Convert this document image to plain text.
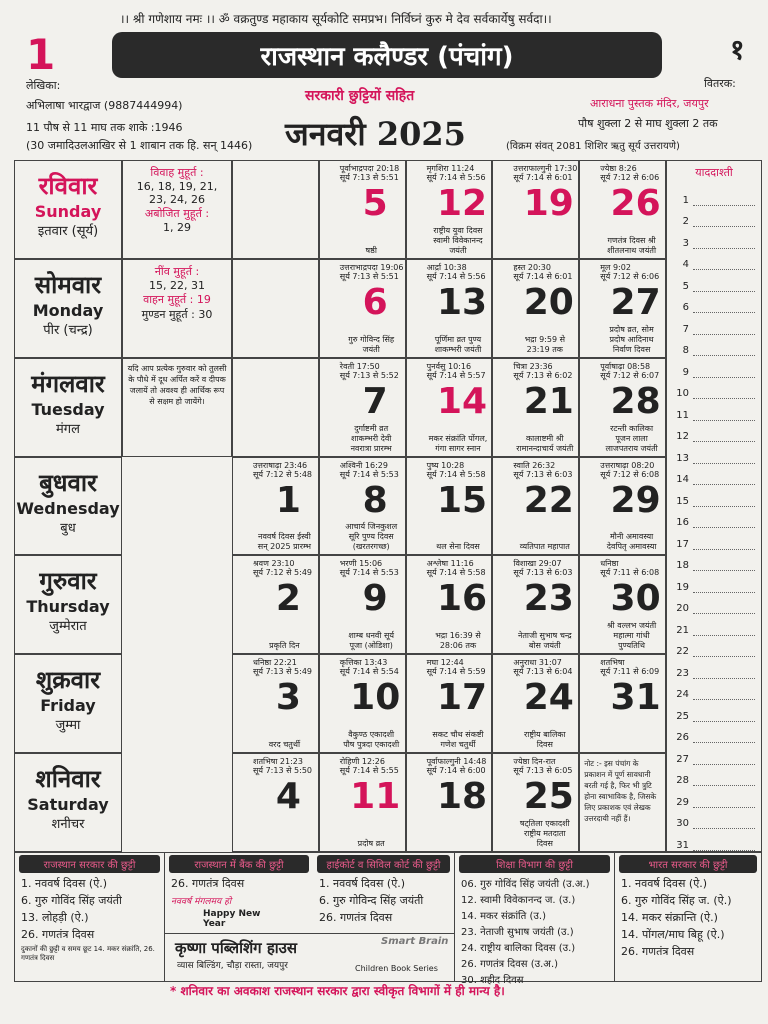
।। श्री गणेशाय नमः ।। ॐ वक्रतुण्ड महाकाय सूर्यकोटि समप्रभ। निर्विघ्नं कुरु मे देव सर्वकार्येषु सर्वदा।।
1	१
राजस्थान कलैण्डर (पंचांग)
लेखिका:
अभिलाषा भारद्वाज (9887444994)
11 पौष से 11 माघ तक शाके :1946
(30 जमादिउलआखिर से 1 शाबान तक हि. सन् 1446)
सरकारी छुट्टियों सहित
जनवरी 2025
वितरक:
आराधना पुस्तक मंदिर, जयपुर
पौष शुक्ला 2 से माघ शुक्ला 2 तक
(विक्रम संवत् 2081 शिशिर ऋतु सूर्य उत्तरायणे)
याददाश्ती
1
2
3
4
5
6
7
8
9
10
11
12
13
14
15
16
17
18
19
20
21
22
23
24
25
26
27
28
29
30
31
रविवार
Sunday
इतवार (सूर्य)
सोमवार
Monday
पीर (चन्द्र)
मंगलवार
Tuesday
मंगल
बुधवार
Wednesday
बुध
गुरुवार
Thursday
जुम्मेरात
शुक्रवार
Friday
जुम्मा
शनिवार
Saturday
शनीचर
विवाह मुहूर्त :
16, 18, 19, 21, 23, 24, 26
अबोजित मुहूर्त :
1, 29
नींव मुहूर्त :
15, 22, 31
वाहन मुहूर्त : 19
मुण्डन मुहूर्त : 30
यदि आप प्रत्येक गुरुवार को तुलसी के पौधे में दूध अर्पित करें व दीपक जलायें तो अवश्य ही आर्थिक रूप से सक्षम हो जायेंगे।
उत्तराषाढ़ा 23:46
सूर्य 7:12 से 5:48
1
नववर्ष दिवस ईस्वी सन् 2025 प्रारम्भ
श्रवण 23:10
सूर्य 7:12 से 5:49
2
प्रकृति दिन
धनिष्ठा 22:21
सूर्य 7:13 से 5:49
3
वरद चतुर्थी
शतभिषा 21:23
सूर्य 7:13 से 5:50
4
पूर्वाभाद्रपदा 20:18
सूर्य 7:13 से 5:51
5
षष्ठी
उत्तराभाद्रपदा 19:06
सूर्य 7:13 से 5:51
6
गुरु गोविन्द सिंह जयंती
रेवती 17:50
सूर्य 7:13 से 5:52
7
दुर्गाष्टमी व्रत शाकम्भरी देवी नवरात्रा प्रारम्भ
अश्विनी 16:29
सूर्य 7:14 से 5:53
8
आचार्य जिनकुशल सूरि पुण्य दिवस (खरतरगच्छ)
भरणी 15:06
सूर्य 7:14 से 5:53
9
शाम्ब धनवी सूर्य पूजा (ओडिशा)
कृत्तिका 13:43
सूर्य 7:14 से 5:54
10
वैकुण्ठ एकादशी पौष पुत्रदा एकादशी
रोहिणी 12:26
सूर्य 7:14 से 5:55
11
प्रदोष व्रत
मृगशिरा 11:24
सूर्य 7:14 से 5:56
12
राष्ट्रीय युवा दिवस स्वामी विवेकानन्द जयंती
आर्द्रा 10:38
सूर्य 7:14 से 5:56
13
पूर्णिमा व्रत पुण्य शाकम्भरी जयंती
पुनर्वसु 10:16
सूर्य 7:14 से 5:57
14
मकर संक्रांति पोंगल, गंगा सागर स्नान
पुष्य 10:28
सूर्य 7:14 से 5:58
15
थल सेना दिवस
अश्लेषा 11:16
सूर्य 7:14 से 5:58
16
भद्रा 16:39 से 28:06 तक
मघा 12:44
सूर्य 7:14 से 5:59
17
सकट चौथ संकष्टी गणेश चतुर्थी
पूर्वाफाल्गुनी 14:48
सूर्य 7:14 से 6:00
18
उत्तराफाल्गुनी 17:30
सूर्य 7:14 से 6:01
19
हस्त 20:30
सूर्य 7:14 से 6:01
20
भद्रा 9:59 से 23:19 तक
चित्रा 23:36
सूर्य 7:13 से 6:02
21
कालाष्टमी श्री रामानन्दाचार्य जयंती
स्वाति 26:32
सूर्य 7:13 से 6:03
22
व्यतिपात महापात
विशाखा 29:07
सूर्य 7:13 से 6:03
23
नेताजी सुभाष चन्द्र बोस जयंती
अनुराधा 31:07
सूर्य 7:13 से 6:04
24
राष्ट्रीय बालिका दिवस
ज्येष्ठा दिन-रात
सूर्य 7:13 से 6:05
25
षट्तिला एकादशी राष्ट्रीय मतदाता दिवस
ज्येष्ठा 8:26
सूर्य 7:12 से 6:06
26
गणतंत्र दिवस श्री शीतलनाथ जयंती
मूल 9:02
सूर्य 7:12 से 6:06
27
प्रदोष व्रत, सोम प्रदोष आदिनाथ निर्वाण दिवस
पूर्वाषाढ़ा 08:58
सूर्य 7:12 से 6:07
28
रटन्ती कालिका पूजन लाला लाजपतराय जयंती
उत्तराषाढ़ा 08:20
सूर्य 7:12 से 6:08
29
मौनी अमावस्या देवपितृ अमावस्या
धनिष्ठा
सूर्य 7:11 से 6:08
30
श्री वल्लभ जयंती महात्मा गांधी पुण्यतिथि
शतभिषा
सूर्य 7:11 से 6:09
31
नोट :- इस पंचांग के प्रकाशन में पूर्ण सावधानी बरती गई है, फिर भी त्रुटि होना स्वाभाविक है, जिसके लिए प्रकाशक एवं लेखक उत्तरदायी नहीं हैं।
राजस्थान सरकार की छुट्टी
1. नववर्ष दिवस (ऐ.)
6. गुरु गोविंद सिंह जयंती
13. लोहड़ी (ऐ.)
26. गणतंत्र दिवस
दुकानों की छुट्टी व समय छूट 14. मकर संक्रांति, 26. गणतंत्र दिवस
राजस्थान में बैंक की छुट्टी
26. गणतंत्र दिवस
नववर्ष मंगलमय हो
Happy New Year
हाईकोर्ट व सिविल कोर्ट की छुट्टी
1. नववर्ष दिवस (ऐ.)
6. गुरु गोविन्द सिंह जयंती
26. गणतंत्र दिवस
कृष्णा पब्लिशिंग हाउस
व्यास बिल्डिंग, चौड़ा रास्ता, जयपुर
Smart Brain
Children Book Series
शिक्षा विभाग की छुट्टी
06. गुरु गोविंद सिंह जयंती (उ.अ.)
12. स्वामी विवेकानन्द ज. (उ.)
14. मकर संक्रांति (उ.)
23. नेताजी सुभाष जयंती (उ.)
24. राष्ट्रीय बालिका दिवस (उ.)
26. गणतंत्र दिवस (उ.अ.)
30. शहीद दिवस
भारत सरकार की छुट्टी
1. नववर्ष दिवस (ऐ.)
6. गुरु गोविंद सिंह ज. (ऐ.)
14. मकर संक्रान्ति (ऐ.)
14. पोंगल/माघ बिहू (ऐ.)
26. गणतंत्र दिवस
* शनिवार का अवकाश राजस्थान सरकार द्वारा स्वीकृत विभागों में ही मान्य है।
